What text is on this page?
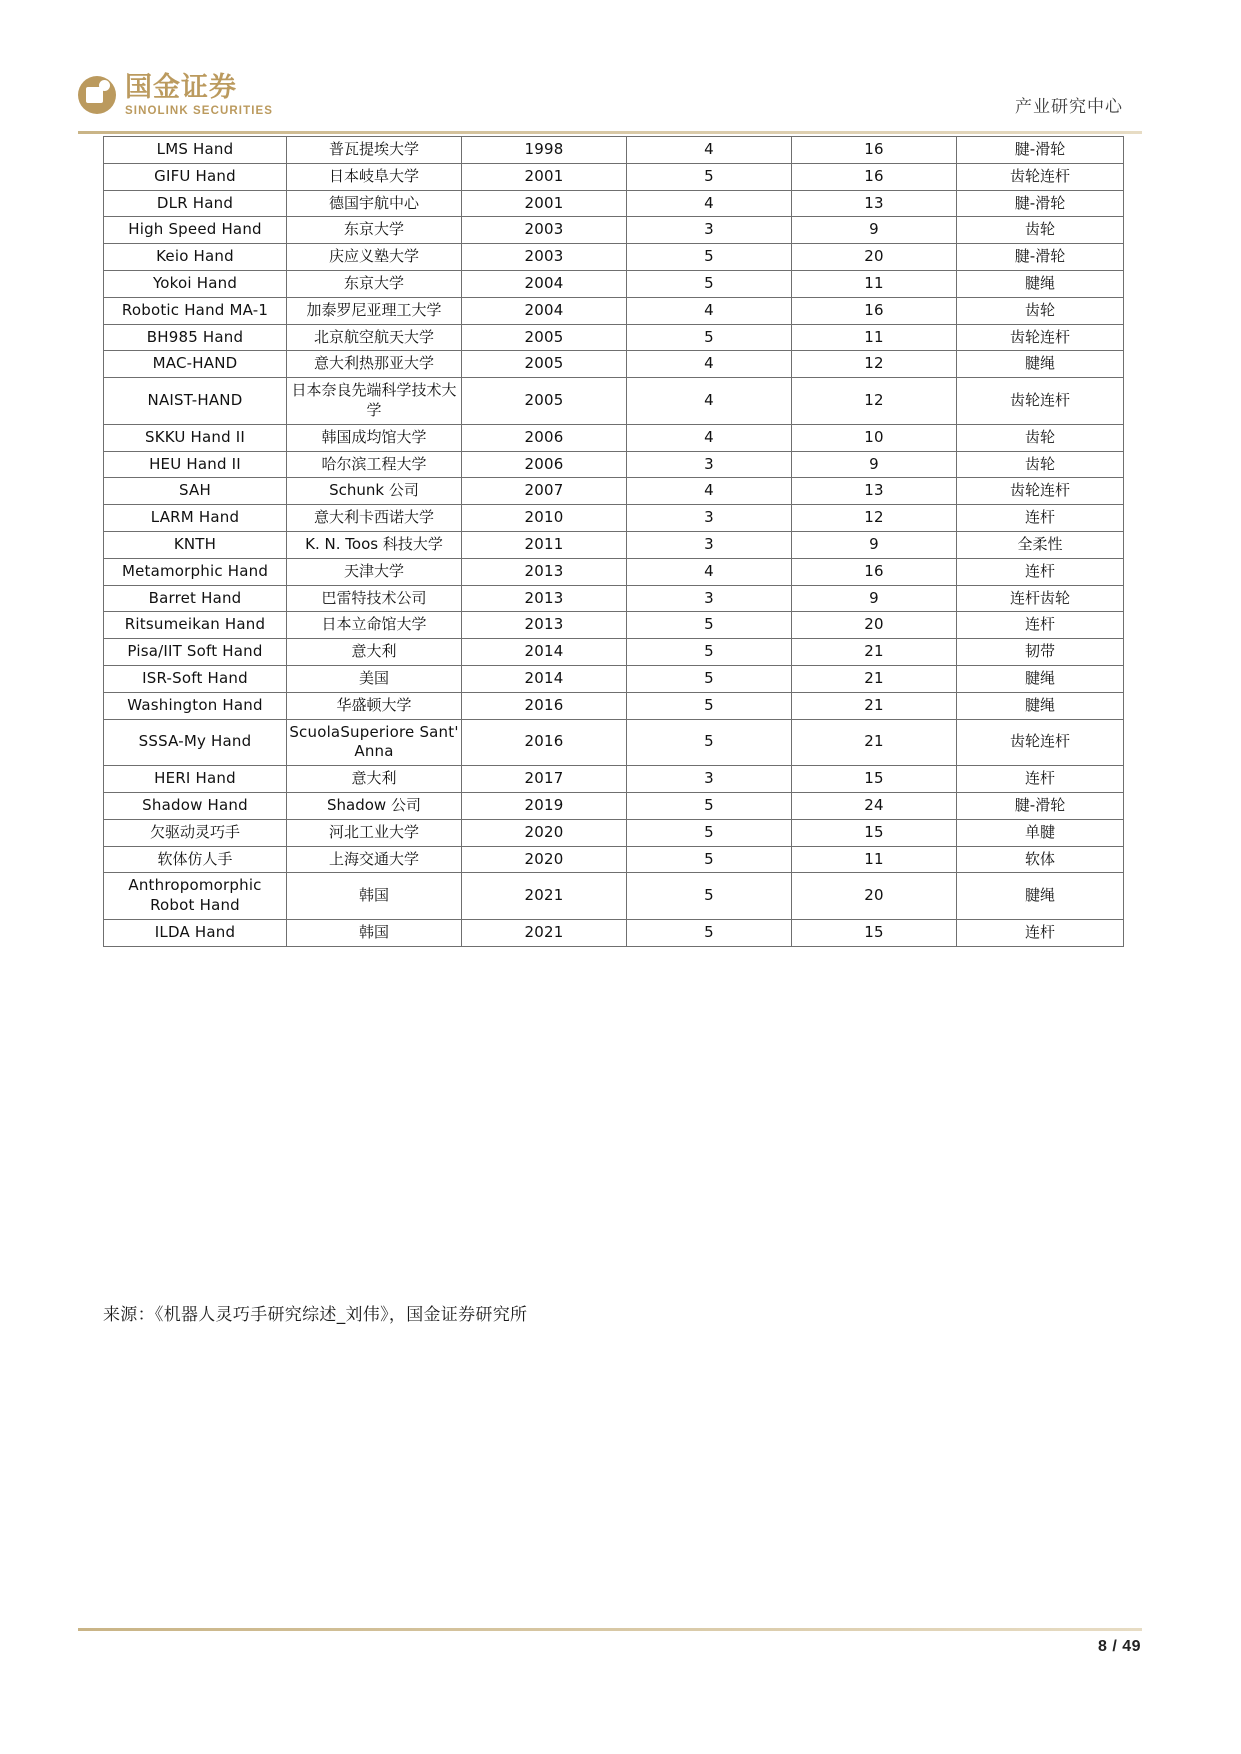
国金证券
SINOLINK SECURITIES	产业研究中心
LMS Hand	普瓦提埃大学	1998	4	16	腱-滑轮
GIFU Hand	日本岐阜大学	2001	5	16	齿轮连杆
DLR Hand	德国宇航中心	2001	4	13	腱-滑轮
High Speed Hand	东京大学	2003	3	9	齿轮
Keio Hand	庆应义塾大学	2003	5	20	腱-滑轮
Yokoi Hand	东京大学	2004	5	11	腱绳
Robotic Hand MA-1	加泰罗尼亚理工大学	2004	4	16	齿轮
BH985 Hand	北京航空航天大学	2005	5	11	齿轮连杆
MAC-HAND	意大利热那亚大学	2005	4	12	腱绳
NAIST-HAND	日本奈良先端科学技术大学	2005	4	12	齿轮连杆
SKKU Hand II	韩国成均馆大学	2006	4	10	齿轮
HEU Hand II	哈尔滨工程大学	2006	3	9	齿轮
SAH	Schunk 公司	2007	4	13	齿轮连杆
LARM Hand	意大利卡西诺大学	2010	3	12	连杆
KNTH	K. N. Toos 科技大学	2011	3	9	全柔性
Metamorphic Hand	天津大学	2013	4	16	连杆
Barret Hand	巴雷特技术公司	2013	3	9	连杆齿轮
Ritsumeikan Hand	日本立命馆大学	2013	5	20	连杆
Pisa/IIT Soft Hand	意大利	2014	5	21	韧带
ISR-Soft Hand	美国	2014	5	21	腱绳
Washington Hand	华盛顿大学	2016	5	21	腱绳
SSSA-My Hand	ScuolaSuperiore Sant' Anna	2016	5	21	齿轮连杆
HERI Hand	意大利	2017	3	15	连杆
Shadow Hand	Shadow 公司	2019	5	24	腱-滑轮
欠驱动灵巧手	河北工业大学	2020	5	15	单腱
软体仿人手	上海交通大学	2020	5	11	软体
Anthropomorphic Robot Hand	韩国	2021	5	20	腱绳
ILDA Hand	韩国	2021	5	15	连杆
来源：《机器人灵巧手研究综述_刘伟》，国金证券研究所
8 / 49
